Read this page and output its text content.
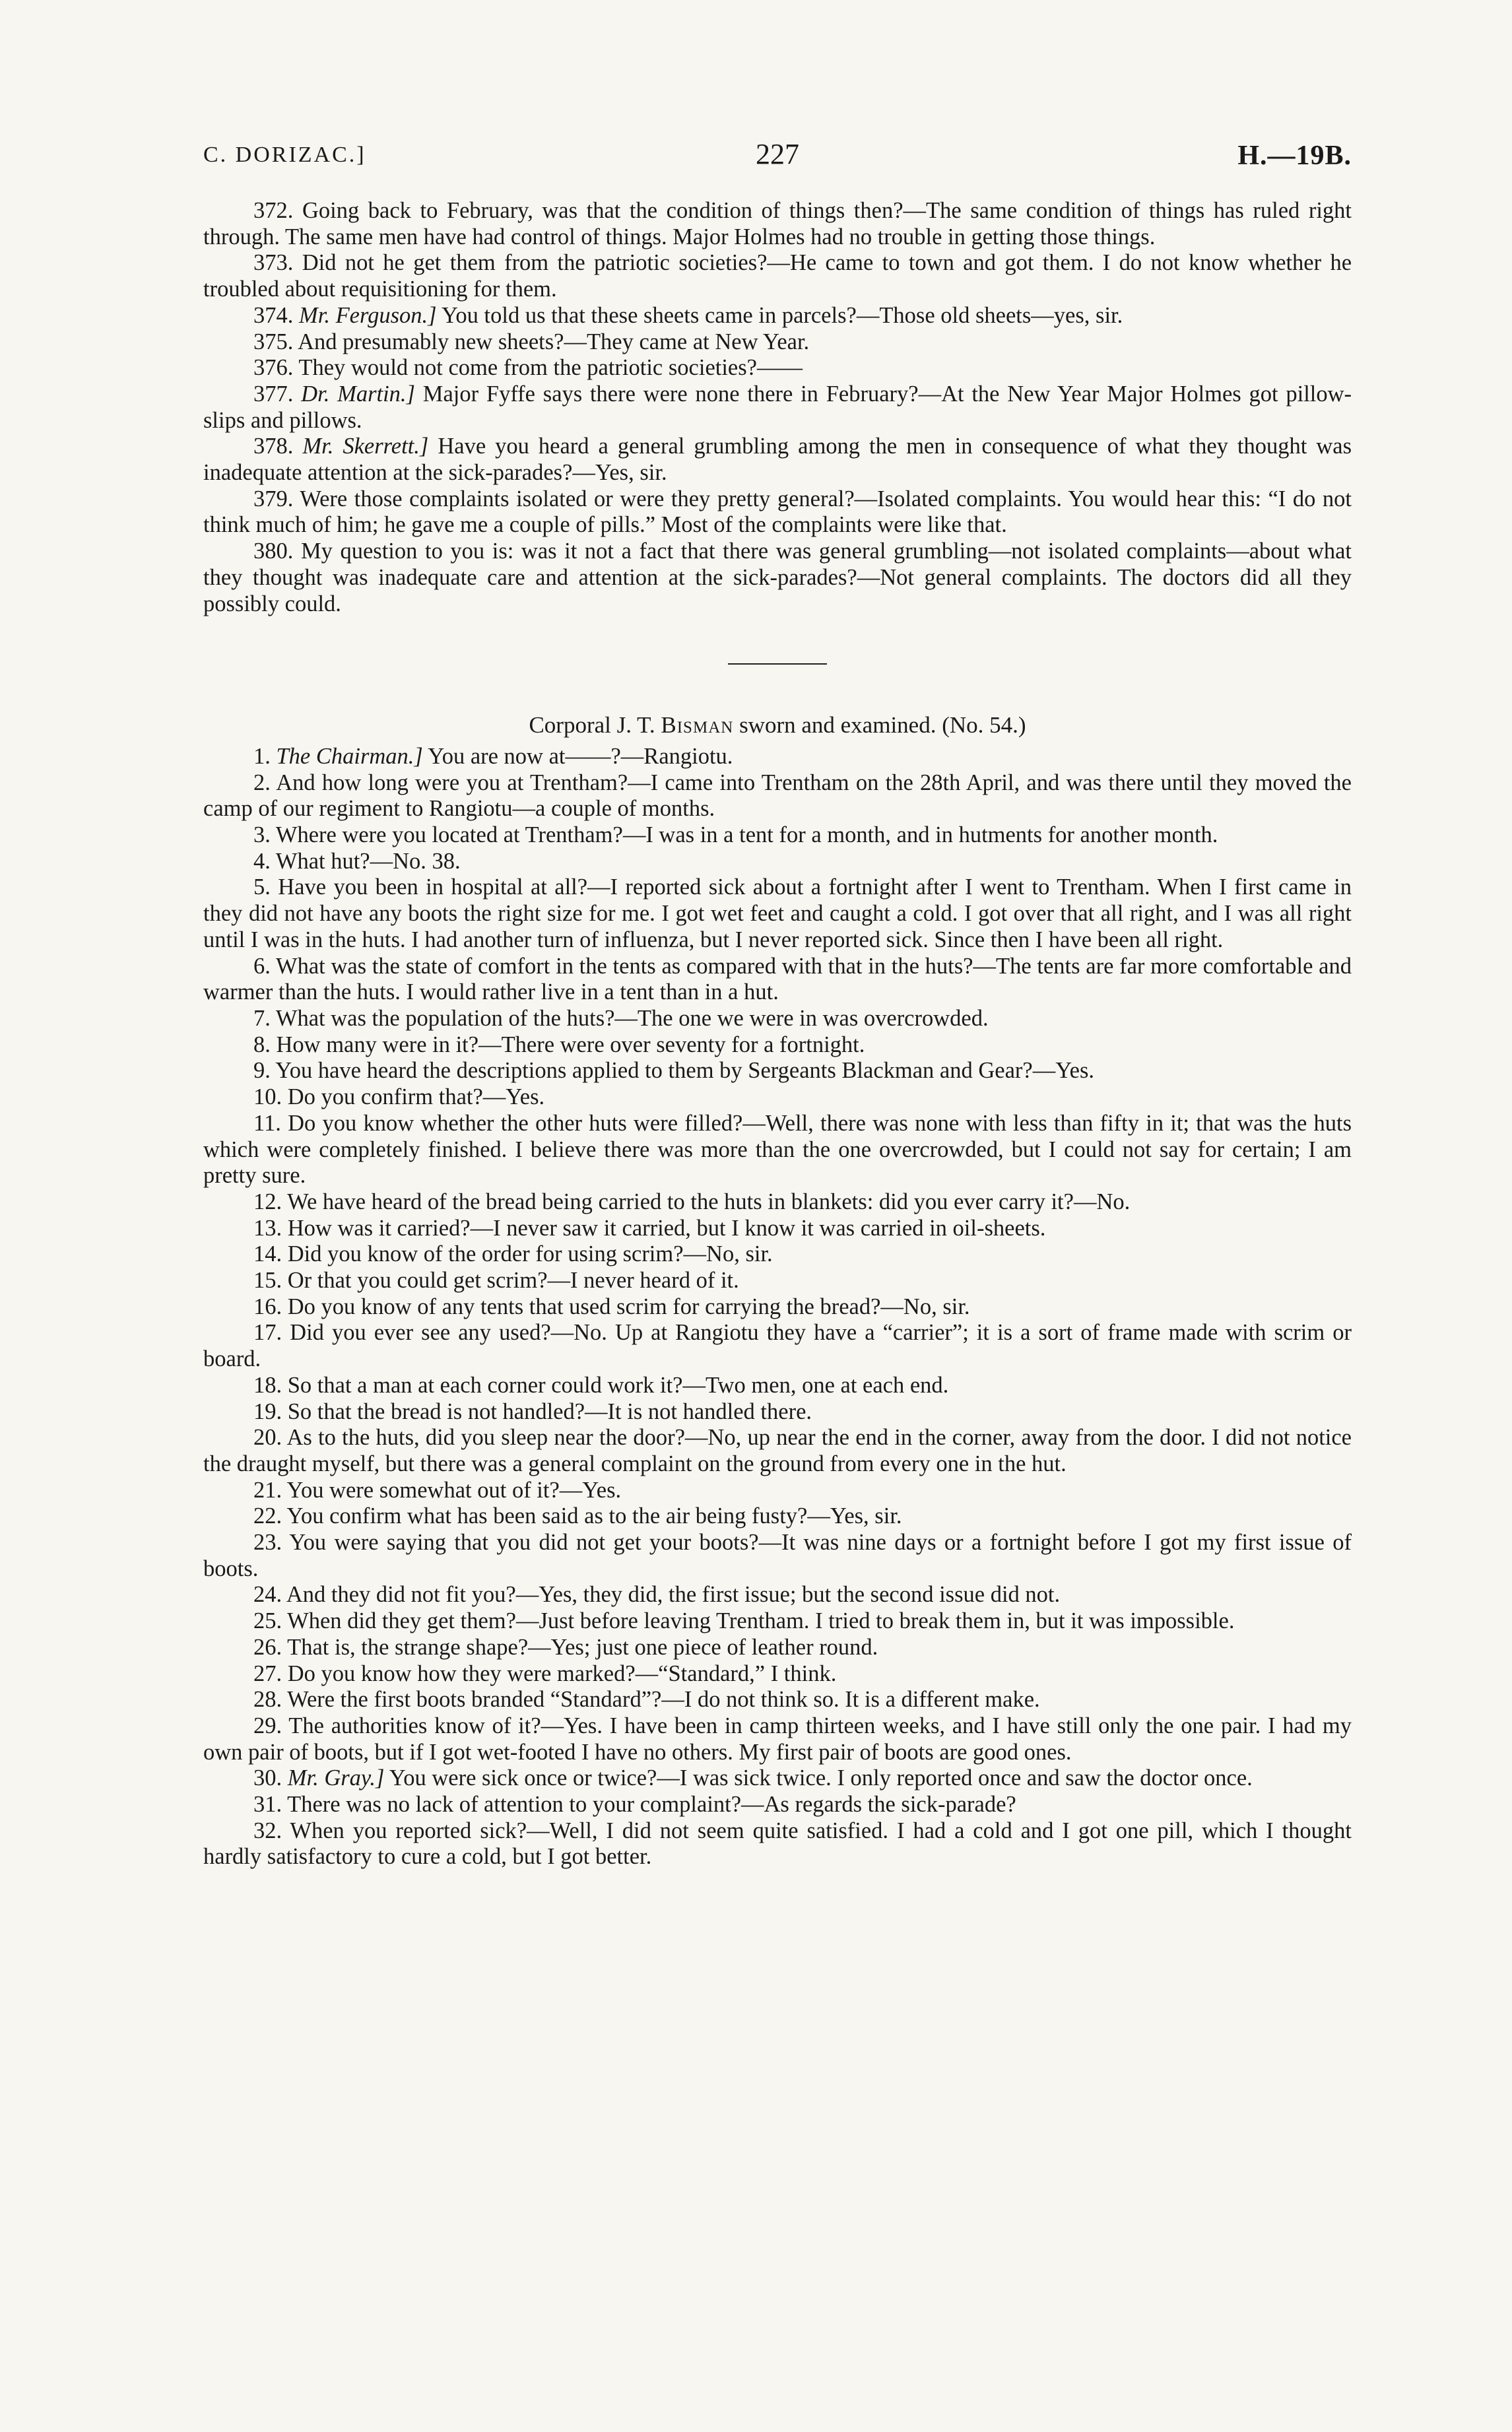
C. DORIZAC.]	227	H.—19B.

372. Going back to February, was that the condition of things then?—The same condition of things has ruled right through. The same men have had control of things. Major Holmes had no trouble in getting those things.

373. Did not he get them from the patriotic societies?—He came to town and got them. I do not know whether he troubled about requisitioning for them.

374. Mr. Ferguson.] You told us that these sheets came in parcels?—Those old sheets—yes, sir.

375. And presumably new sheets?—They came at New Year.

376. They would not come from the patriotic societies?——

377. Dr. Martin.] Major Fyffe says there were none there in February?—At the New Year Major Holmes got pillow-slips and pillows.

378. Mr. Skerrett.] Have you heard a general grumbling among the men in consequence of what they thought was inadequate attention at the sick-parades?—Yes, sir.

379. Were those complaints isolated or were they pretty general?—Isolated complaints. You would hear this: “I do not think much of him; he gave me a couple of pills.” Most of the complaints were like that.

380. My question to you is: was it not a fact that there was general grumbling—not isolated complaints—about what they thought was inadequate care and attention at the sick-parades?—Not general complaints. The doctors did all they possibly could.

Corporal J. T. Bisman sworn and examined. (No. 54.)

1. The Chairman.] You are now at——?—Rangiotu.

2. And how long were you at Trentham?—I came into Trentham on the 28th April, and was there until they moved the camp of our regiment to Rangiotu—a couple of months.

3. Where were you located at Trentham?—I was in a tent for a month, and in hutments for another month.

4. What hut?—No. 38.

5. Have you been in hospital at all?—I reported sick about a fortnight after I went to Trentham. When I first came in they did not have any boots the right size for me. I got wet feet and caught a cold. I got over that all right, and I was all right until I was in the huts. I had another turn of influenza, but I never reported sick. Since then I have been all right.

6. What was the state of comfort in the tents as compared with that in the huts?—The tents are far more comfortable and warmer than the huts. I would rather live in a tent than in a hut.

7. What was the population of the huts?—The one we were in was overcrowded.

8. How many were in it?—There were over seventy for a fortnight.

9. You have heard the descriptions applied to them by Sergeants Blackman and Gear?—Yes.

10. Do you confirm that?—Yes.

11. Do you know whether the other huts were filled?—Well, there was none with less than fifty in it; that was the huts which were completely finished. I believe there was more than the one overcrowded, but I could not say for certain; I am pretty sure.

12. We have heard of the bread being carried to the huts in blankets: did you ever carry it?—No.

13. How was it carried?—I never saw it carried, but I know it was carried in oil-sheets.

14. Did you know of the order for using scrim?—No, sir.

15. Or that you could get scrim?—I never heard of it.

16. Do you know of any tents that used scrim for carrying the bread?—No, sir.

17. Did you ever see any used?—No. Up at Rangiotu they have a “carrier”; it is a sort of frame made with scrim or board.

18. So that a man at each corner could work it?—Two men, one at each end.

19. So that the bread is not handled?—It is not handled there.

20. As to the huts, did you sleep near the door?—No, up near the end in the corner, away from the door. I did not notice the draught myself, but there was a general complaint on the ground from every one in the hut.

21. You were somewhat out of it?—Yes.

22. You confirm what has been said as to the air being fusty?—Yes, sir.

23. You were saying that you did not get your boots?—It was nine days or a fortnight before I got my first issue of boots.

24. And they did not fit you?—Yes, they did, the first issue; but the second issue did not.

25. When did they get them?—Just before leaving Trentham. I tried to break them in, but it was impossible.

26. That is, the strange shape?—Yes; just one piece of leather round.

27. Do you know how they were marked?—“Standard,” I think.

28. Were the first boots branded “Standard”?—I do not think so. It is a different make.

29. The authorities know of it?—Yes. I have been in camp thirteen weeks, and I have still only the one pair. I had my own pair of boots, but if I got wet-footed I have no others. My first pair of boots are good ones.

30. Mr. Gray.] You were sick once or twice?—I was sick twice. I only reported once and saw the doctor once.

31. There was no lack of attention to your complaint?—As regards the sick-parade?

32. When you reported sick?—Well, I did not seem quite satisfied. I had a cold and I got one pill, which I thought hardly satisfactory to cure a cold, but I got better.
